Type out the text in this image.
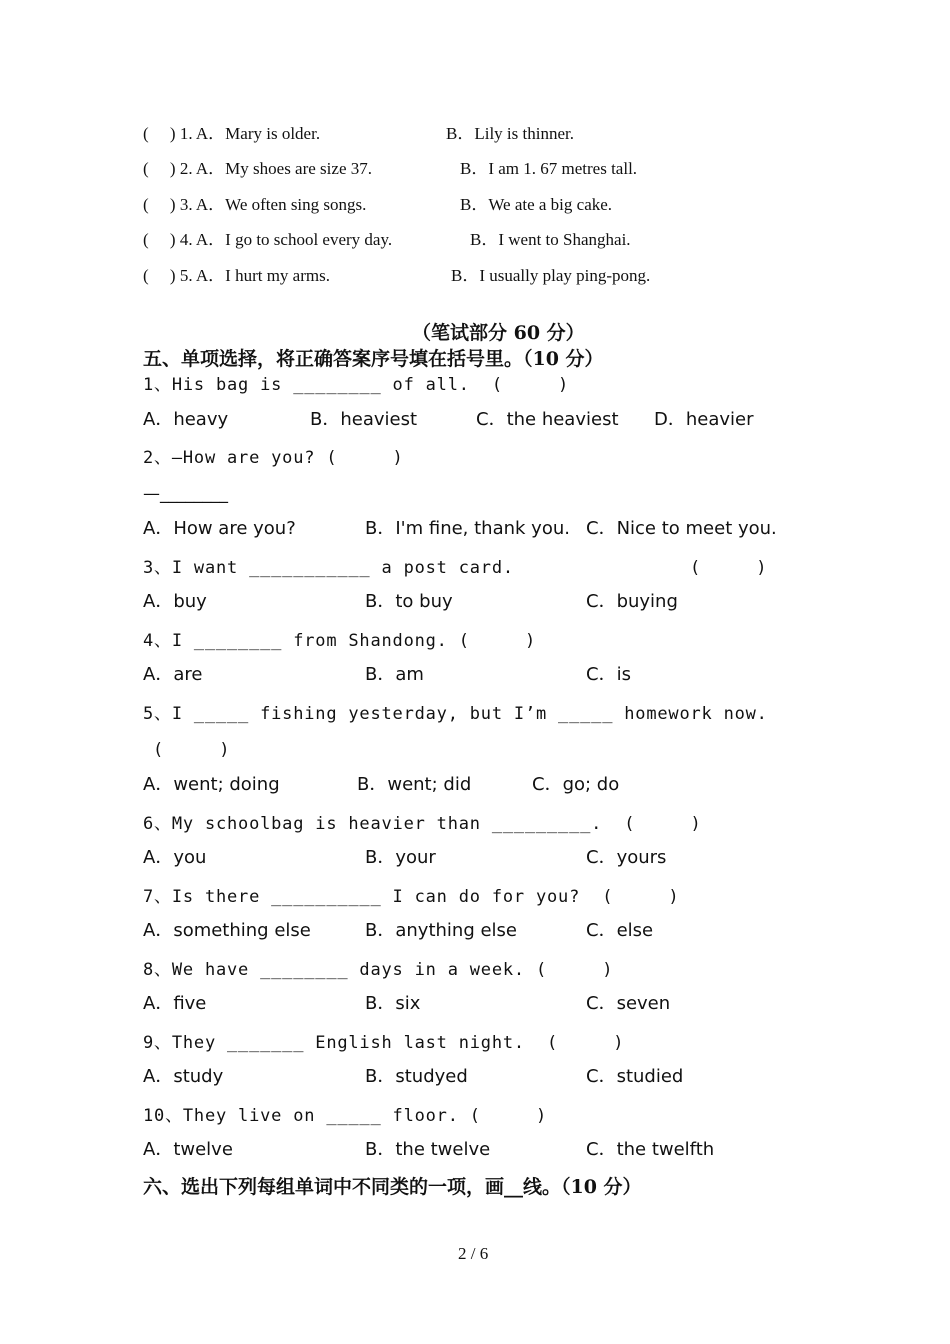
(     ) 1. A．Mary is older.	B．Lily is thinner.
(     ) 2. A．My shoes are size 37.	B．I am 1. 67 metres tall.
(     ) 3. A．We often sing songs.	B．We ate a big cake.
(     ) 4. A．I go to school every day.	B．I went to Shanghai.
(     ) 5. A．I hurt my arms.	B．I usually play ping-pong.
（笔试部分 60 分）
五、单项选择，将正确答案序号填在括号里。（10 分）
1、His bag is ________ of all.  (     )
A．heavy	B．heaviest	C．the heaviest D．heavier
2、—How are you? (     )
—________
A．How are you?	B．I'm fine, thank you. C．Nice to meet you.
3、I want ___________ a post card.	(     )
A．buy	B．to buy	C．buying
4、I ________ from Shandong. (     )
A．are	B．am	C．is
5、I _____ fishing yesterday, but I’m _____ homework now.
(     )
A．went; doing	B．went; did	C．go; do
6、My schoolbag is heavier than _________.  (     )
A．you	B．your	C．yours
7、Is there __________ I can do for you?  (     )
A．something else	B．anything else	C．else
8、We have ________ days in a week. (     )
A．five	B．six	C．seven
9、They _______ English last night.  (     )
A．study	B．studyed	C．studied
10、They live on _____ floor. (     )
A．twelve	B．the twelve	C．the twelfth
六、选出下列每组单词中不同类的一项，画__线。（10 分）
2 / 6
